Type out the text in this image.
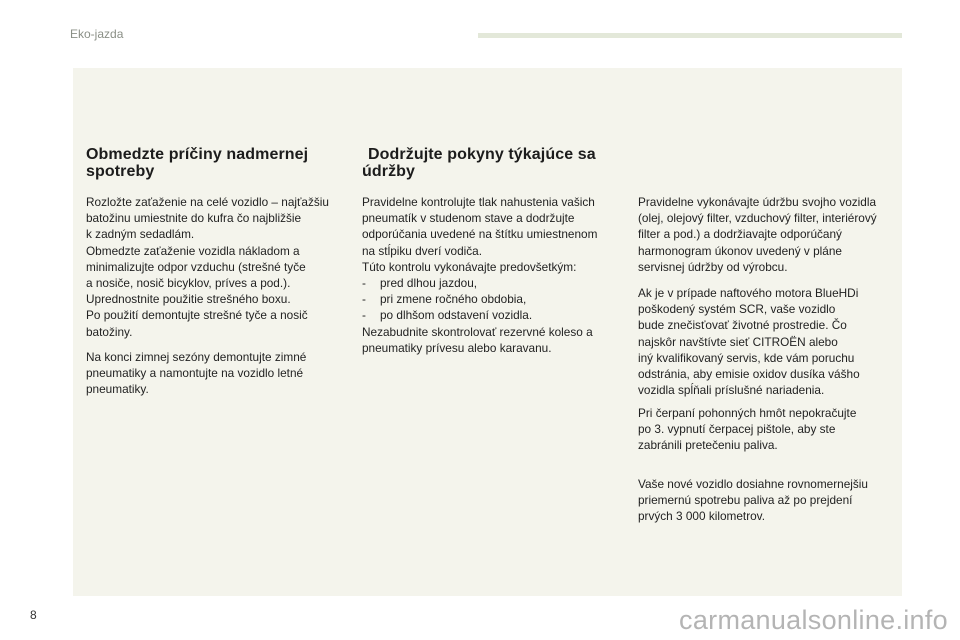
Eko-jazda
Obmedzte príčiny nadmernej
spotreby
Rozložte zaťaženie na celé vozidlo – najťažšiu
batožinu umiestnite do kufra čo najbližšie
k zadným sedadlám.
Obmedzte zaťaženie vozidla nákladom a
minimalizujte odpor vzduchu (strešné tyče
a nosiče, nosič bicyklov, príves a pod.).
Uprednostnite použitie strešného boxu.
Po použití demontujte strešné tyče a nosič
batožiny.
Na konci zimnej sezóny demontujte zimné
pneumatiky a namontujte na vozidlo letné
pneumatiky.
Dodržujte pokyny týkajúce sa
údržby
Pravidelne kontrolujte tlak nahustenia vašich
pneumatík v studenom stave a dodržujte
odporúčania uvedené na štítku umiestnenom
na stĺpiku dverí vodiča.
Túto kontrolu vykonávajte predovšetkým:
- pred dlhou jazdou,
- pri zmene ročného obdobia,
- po dlhšom odstavení vozidla.
Nezabudnite skontrolovať rezervné koleso a
pneumatiky prívesu alebo karavanu.
Pravidelne vykonávajte údržbu svojho vozidla
(olej, olejový filter, vzduchový filter, interiérový
filter a pod.) a dodržiavajte odporúčaný
harmonogram úkonov uvedený v pláne
servisnej údržby od výrobcu.
Ak je v prípade naftového motora BlueHDi
poškodený systém SCR, vaše vozidlo
bude znečisťovať životné prostredie. Čo
najskôr navštívte sieť CITROËN alebo
iný kvalifikovaný servis, kde vám poruchu
odstránia, aby emisie oxidov dusíka vášho
vozidla spĺňali príslušné nariadenia.
Pri čerpaní pohonných hmôt nepokračujte
po 3. vypnutí čerpacej pištole, aby ste
zabránili pretečeniu paliva.
Vaše nové vozidlo dosiahne rovnomernejšiu
priemernú spotrebu paliva až po prejdení
prvých 3 000 kilometrov.
8	carmanualsonline.info
